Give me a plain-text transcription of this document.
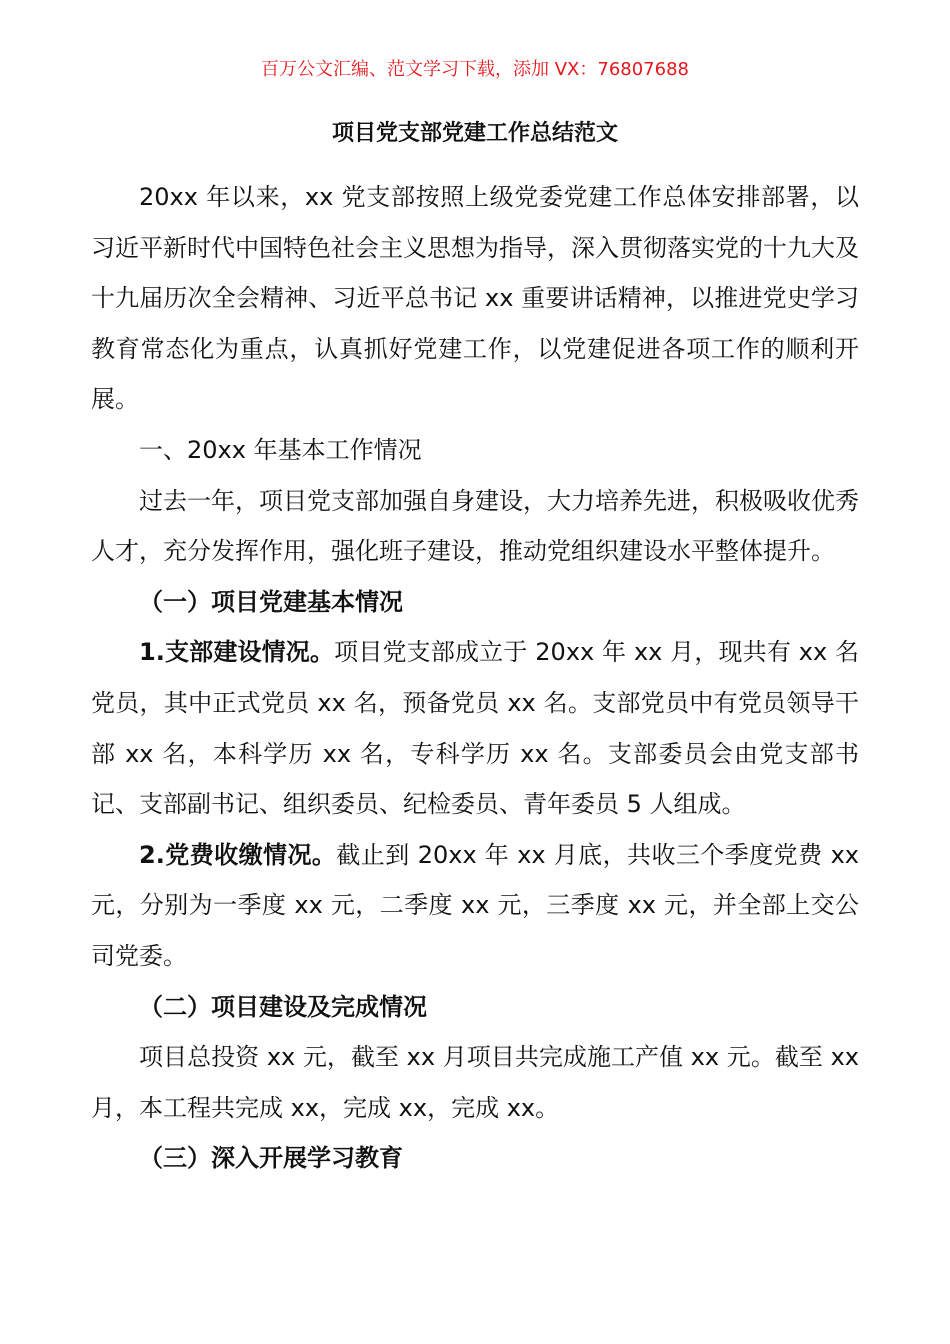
百万公文汇编、范文学习下载，添加 VX：76807688
项目党支部党建工作总结范文

20xx 年以来，xx 党支部按照上级党委党建工作总体安排部署，以习近平新时代中国特色社会主义思想为指导，深入贯彻落实党的十九大及十九届历次全会精神、习近平总书记 xx 重要讲话精神，以推进党史学习教育常态化为重点，认真抓好党建工作，以党建促进各项工作的顺利开展。

一、20xx 年基本工作情况

过去一年，项目党支部加强自身建设，大力培养先进，积极吸收优秀人才，充分发挥作用，强化班子建设，推动党组织建设水平整体提升。

（一）项目党建基本情况

1.支部建设情况。项目党支部成立于 20xx 年 xx 月，现共有 xx 名党员，其中正式党员 xx 名，预备党员 xx 名。支部党员中有党员领导干部 xx 名，本科学历 xx 名，专科学历 xx 名。支部委员会由党支部书记、支部副书记、组织委员、纪检委员、青年委员 5 人组成。

2.党费收缴情况。截止到 20xx 年 xx 月底，共收三个季度党费 xx 元，分别为一季度 xx 元，二季度 xx 元，三季度 xx 元，并全部上交公司党委。

（二）项目建设及完成情况

项目总投资 xx 元，截至 xx 月项目共完成施工产值 xx 元。截至 xx 月，本工程共完成 xx，完成 xx，完成 xx。

（三）深入开展学习教育
